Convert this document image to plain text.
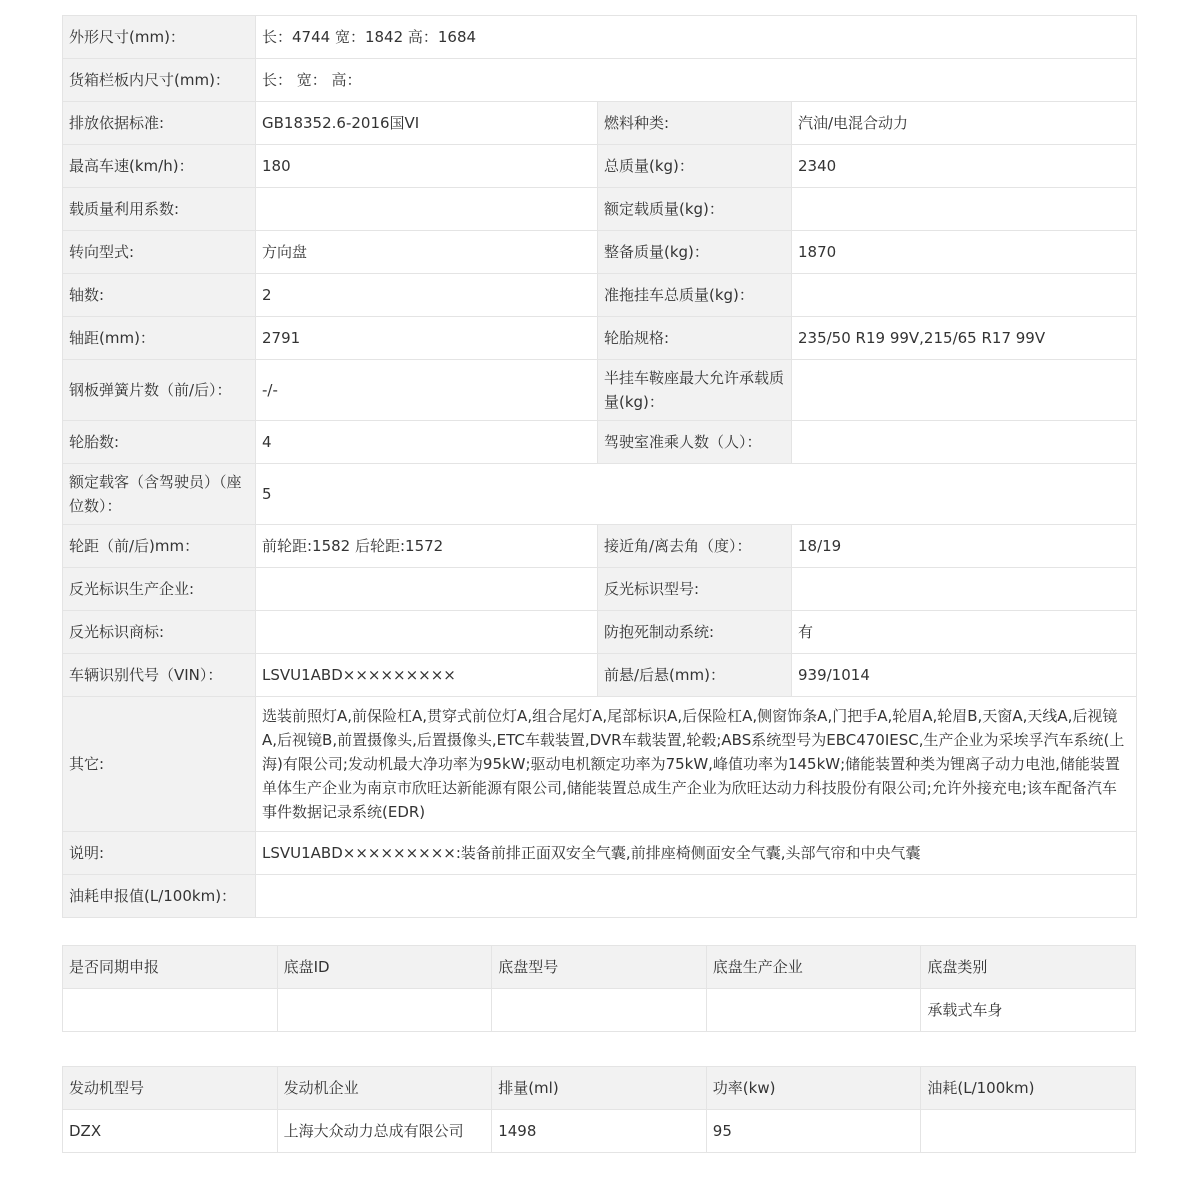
外形尺寸(mm)：	长：4744 宽：1842 高：1684		
货箱栏板内尺寸(mm)：	长： 宽： 高：		
排放依据标准:	GB18352.6-2016国VI	燃料种类:	汽油/电混合动力
最高车速(km/h)：	180	总质量(kg)：	2340
载质量利用系数:		额定载质量(kg)：	
转向型式:	方向盘	整备质量(kg)：	1870
轴数:	2	准拖挂车总质量(kg)：	
轴距(mm)：	2791	轮胎规格:	235/50 R19 99V,215/65 R17 99V
钢板弹簧片数（前/后）：	-/-	半挂车鞍座最大允许承载质量(kg)：	
轮胎数:	4	驾驶室准乘人数（人）：	
额定载客（含驾驶员）（座位数）：	5		
轮距（前/后)mm：	前轮距:1582 后轮距:1572	接近角/离去角（度）：	18/19
反光标识生产企业:		反光标识型号:	
反光标识商标:		防抱死制动系统:	有
车辆识别代号（VIN）：	LSVU1ABD×××××××××	前悬/后悬(mm)：	939/1014
其它:	选装前照灯A,前保险杠A,贯穿式前位灯A,组合尾灯A,尾部标识A,后保险杠A,侧窗饰条A,门把手A,轮眉A,轮眉B,天窗A,天线A,后视镜A,后视镜B,前置摄像头,后置摄像头,ETC车载装置,DVR车载装置,轮毂;ABS系统型号为EBC470IESC,生产企业为采埃孚汽车系统(上海)有限公司;发动机最大净功率为95kW;驱动电机额定功率为75kW,峰值功率为145kW;储能装置种类为锂离子动力电池,储能装置单体生产企业为南京市欣旺达新能源有限公司,储能装置总成生产企业为欣旺达动力科技股份有限公司;允许外接充电;该车配备汽车事件数据记录系统(EDR)		
说明:	LSVU1ABD×××××××××:装备前排正面双安全气囊,前排座椅侧面安全气囊,头部气帘和中央气囊		
油耗申报值(L/100km)：			
是否同期申报	底盘ID	底盘型号	底盘生产企业	底盘类别
				承载式车身
发动机型号	发动机企业	排量(ml)	功率(kw)	油耗(L/100km)
DZX	上海大众动力总成有限公司	1498	95	
